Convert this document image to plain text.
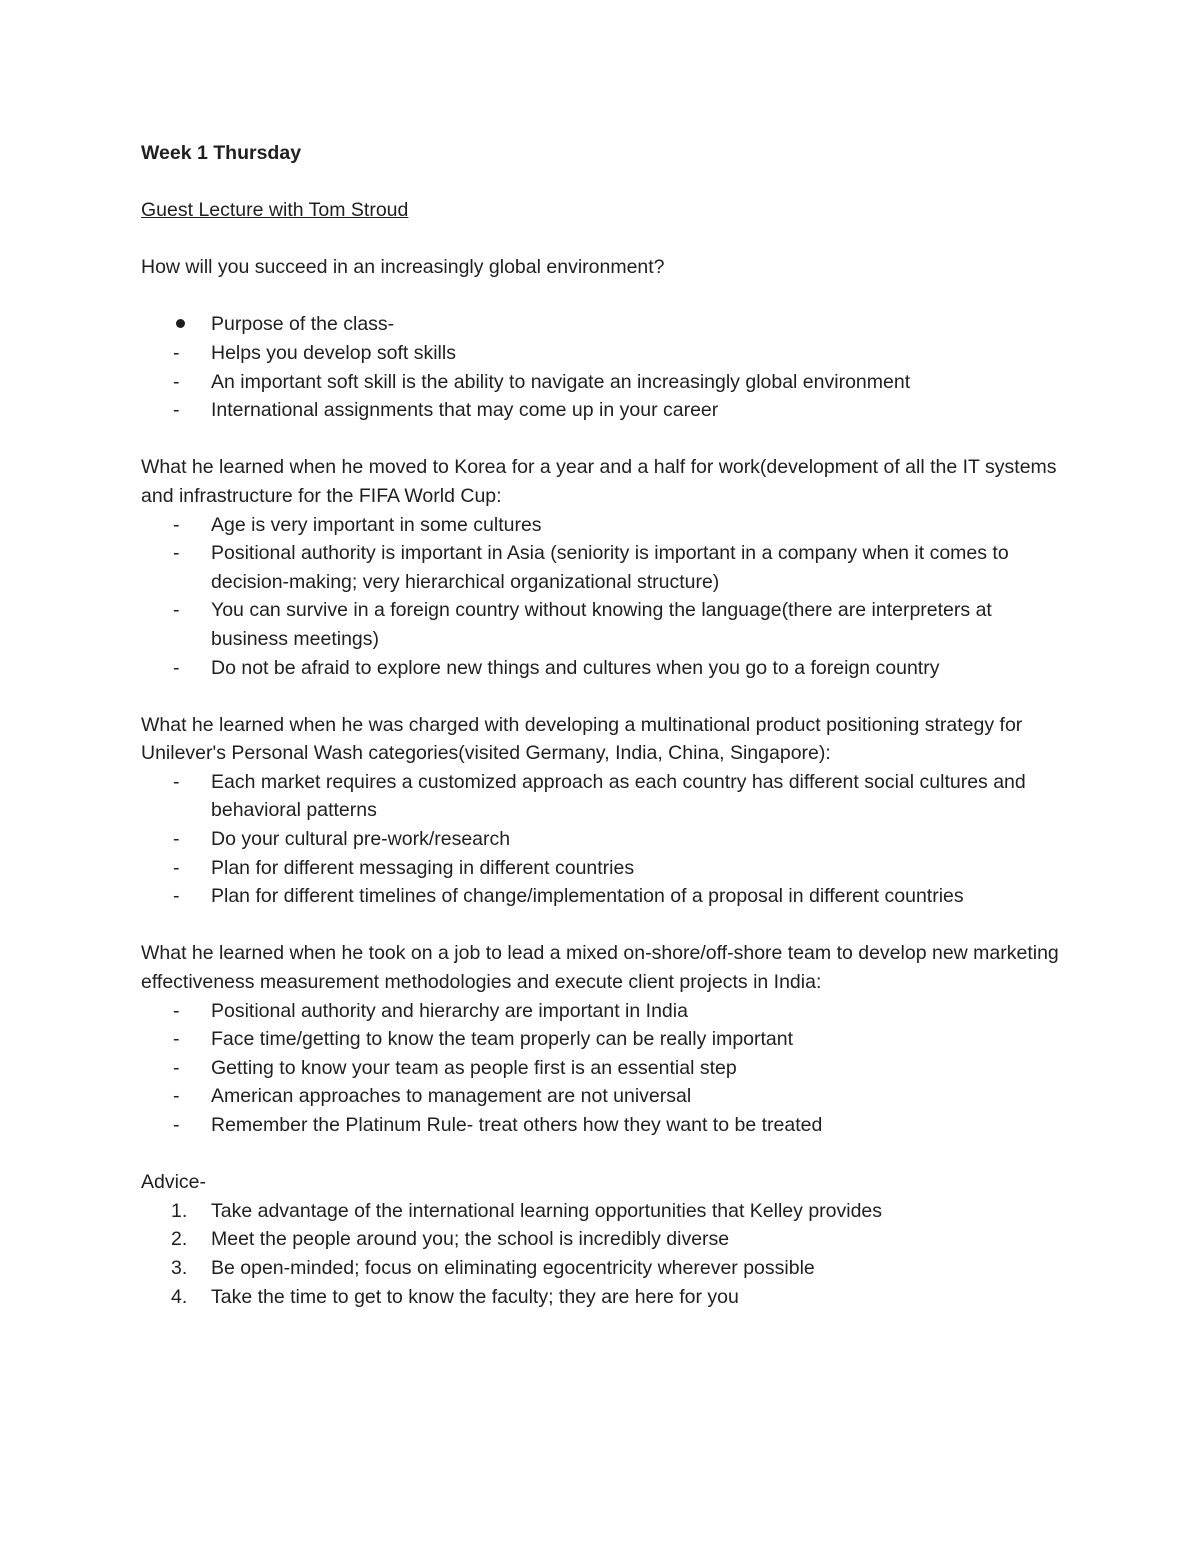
Week 1 Thursday

Guest Lecture with Tom Stroud

How will you succeed in an increasingly global environment?

Purpose of the class-
-	Helps you develop soft skills
-	An important soft skill is the ability to navigate an increasingly global environment
-	International assignments that may come up in your career

What he learned when he moved to Korea for a year and a half for work(development of all the IT systems and infrastructure for the FIFA World Cup:

-	Age is very important in some cultures
-	Positional authority is important in Asia (seniority is important in a company when it comes to decision-making; very hierarchical organizational structure)
-	You can survive in a foreign country without knowing the language(there are interpreters at business meetings)
-	Do not be afraid to explore new things and cultures when you go to a foreign country

What he learned when he was charged with developing a multinational product positioning strategy for Unilever's Personal Wash categories(visited Germany, India, China, Singapore):

-	Each market requires a customized approach as each country has different social cultures and behavioral patterns
-	Do your cultural pre-work/research
-	Plan for different messaging in different countries
-	Plan for different timelines of change/implementation of a proposal in different countries

What he learned when he took on a job to lead a mixed on-shore/off-shore team to develop new marketing effectiveness measurement methodologies and execute client projects in India:

-	Positional authority and hierarchy are important in India
-	Face time/getting to know the team properly can be really important
-	Getting to know your team as people first is an essential step
-	American approaches to management are not universal
-	Remember the Platinum Rule- treat others how they want to be treated

Advice-

1. Take advantage of the international learning opportunities that Kelley provides
2. Meet the people around you; the school is incredibly diverse
3. Be open-minded; focus on eliminating egocentricity wherever possible
4. Take the time to get to know the faculty; they are here for you
